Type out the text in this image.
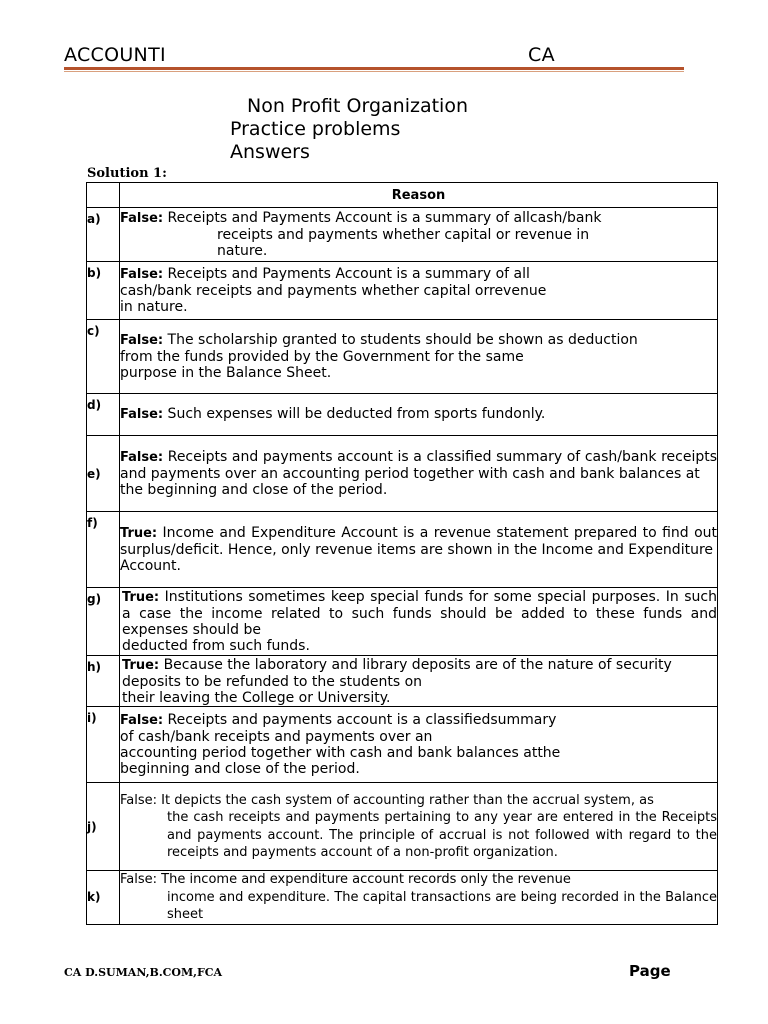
ACCOUNTI	CA
Non Profit Organization
Practice problems
Answers
Solution 1:
	Reason
a)	False: Receipts and Payments Account is a summary of allcash/bank
receipts and payments whether capital or revenue in
nature.

b)	False: Receipts and Payments Account is a summary of all
cash/bank receipts and payments whether capital orrevenue
in nature.

c)	False: The scholarship granted to students should be shown as deduction
from the funds provided by the Government for the same
purpose in the Balance Sheet.

d)	False: Such expenses will be deducted from sports fundonly.

e)	False: Receipts and payments account is a classified summary of cash/bank receipts and payments over an accounting period together with cash and bank balances at
the beginning and close of the period.

f)	True: Income and Expenditure Account is a revenue statement prepared to find out surplus/deficit. Hence, only revenue items are shown in the Income and Expenditure
Account.

g)	True: Institutions sometimes keep special funds for some special purposes. In such a case the income related to such funds should be added to these funds and expenses should be
deducted from such funds.

h)	True: Because the laboratory and library deposits are of the nature of security deposits to be refunded to the students on
their leaving the College or University.

i)	False: Receipts and payments account is a classifiedsummary
of cash/bank receipts and payments over an
accounting period together with cash and bank balances atthe
beginning and close of the period.

j)	False: It depicts the cash system of accounting rather than the accrual system, as
the cash receipts and payments pertaining to any year are entered in the Receipts and payments account. The principle of accrual is not followed with regard to the receipts and payments account of a non-profit organization.

k)	False: The income and expenditure account records only the revenue
income and expenditure. The capital transactions are being recorded in the Balance sheet
CA D.SUMAN,B.COM,FCA	Page
